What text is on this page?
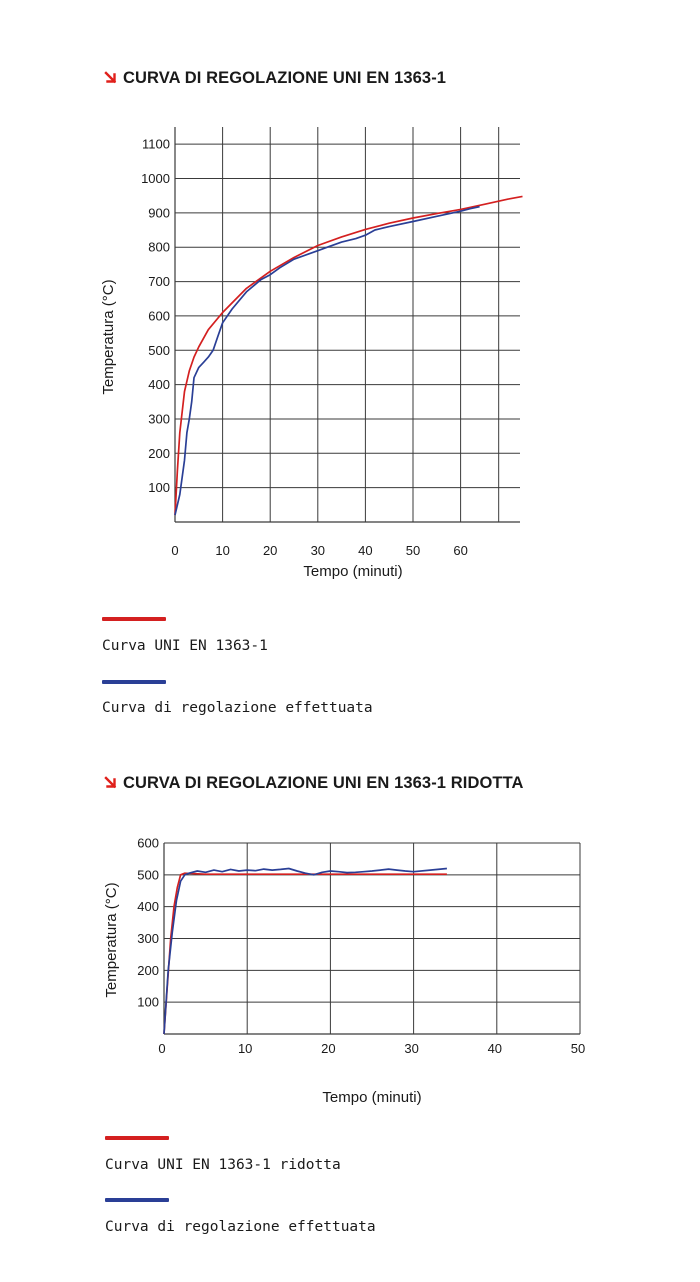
CURVA DI REGOLAZIONE UNI EN 1363-1
100
200
300
400
500
600
700
800
900
1000
1100
0	10	20	30	40	50	60
Tempo (minuti)
Temperatura (°C)
Curva UNI EN 1363-1
Curva di regolazione effettuata
CURVA DI REGOLAZIONE UNI EN 1363-1 RIDOTTA
100
200
300
400
500
600
0	10	20	30	40	50
Tempo (minuti)
Temperatura (°C)
Curva UNI EN 1363-1 ridotta
Curva di regolazione effettuata
